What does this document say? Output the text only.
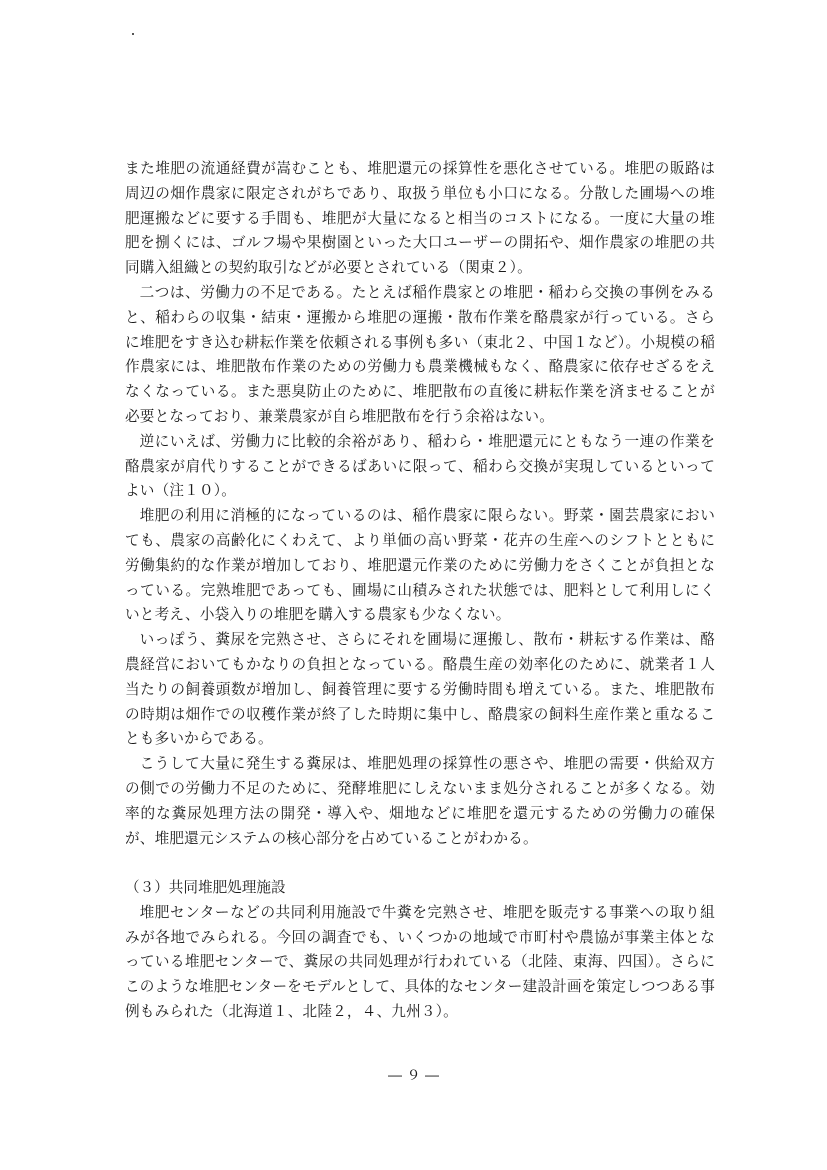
また堆肥の流通経費が嵩むことも、堆肥還元の採算性を悪化させている。堆肥の販路は周辺の畑作農家に限定されがちであり、取扱う単位も小口になる。分散した圃場への堆肥運搬などに要する手間も、堆肥が大量になると相当のコストになる。一度に大量の堆肥を捌くには、ゴルフ場や果樹園といった大口ユーザーの開拓や、畑作農家の堆肥の共同購入組織との契約取引などが必要とされている（関東２）。

二つは、労働力の不足である。たとえば稲作農家との堆肥・稲わら交換の事例をみると、稲わらの収集・結束・運搬から堆肥の運搬・散布作業を酪農家が行っている。さらに堆肥をすき込む耕耘作業を依頼される事例も多い（東北２、中国１など）。小規模の稲作農家には、堆肥散布作業のための労働力も農業機械もなく、酪農家に依存せざるをえなくなっている。また悪臭防止のために、堆肥散布の直後に耕耘作業を済ませることが必要となっており、兼業農家が自ら堆肥散布を行う余裕はない。

逆にいえば、労働力に比較的余裕があり、稲わら・堆肥還元にともなう一連の作業を酪農家が肩代りすることができるばあいに限って、稲わら交換が実現しているといってよい（注１０）。

堆肥の利用に消極的になっているのは、稲作農家に限らない。野菜・園芸農家においても、農家の高齢化にくわえて、より単価の高い野菜・花卉の生産へのシフトとともに労働集約的な作業が増加しており、堆肥還元作業のために労働力をさくことが負担となっている。完熟堆肥であっても、圃場に山積みされた状態では、肥料として利用しにくいと考え、小袋入りの堆肥を購入する農家も少なくない。

いっぽう、糞尿を完熟させ、さらにそれを圃場に運搬し、散布・耕耘する作業は、酪農経営においてもかなりの負担となっている。酪農生産の効率化のために、就業者１人当たりの飼養頭数が増加し、飼養管理に要する労働時間も増えている。また、堆肥散布の時期は畑作での収穫作業が終了した時期に集中し、酪農家の飼料生産作業と重なることも多いからである。

こうして大量に発生する糞尿は、堆肥処理の採算性の悪さや、堆肥の需要・供給双方の側での労働力不足のために、発酵堆肥にしえないまま処分されることが多くなる。効率的な糞尿処理方法の開発・導入や、畑地などに堆肥を還元するための労働力の確保が、堆肥還元システムの核心部分を占めていることがわかる。

（３）共同堆肥処理施設

堆肥センターなどの共同利用施設で牛糞を完熟させ、堆肥を販売する事業への取り組みが各地でみられる。今回の調査でも、いくつかの地域で市町村や農協が事業主体となっている堆肥センターで、糞尿の共同処理が行われている（北陸、東海、四国）。さらにこのような堆肥センターをモデルとして、具体的なセンター建設計画を策定しつつある事例もみられた（北海道１、北陸２，４、九州３）。

― ９ ―
